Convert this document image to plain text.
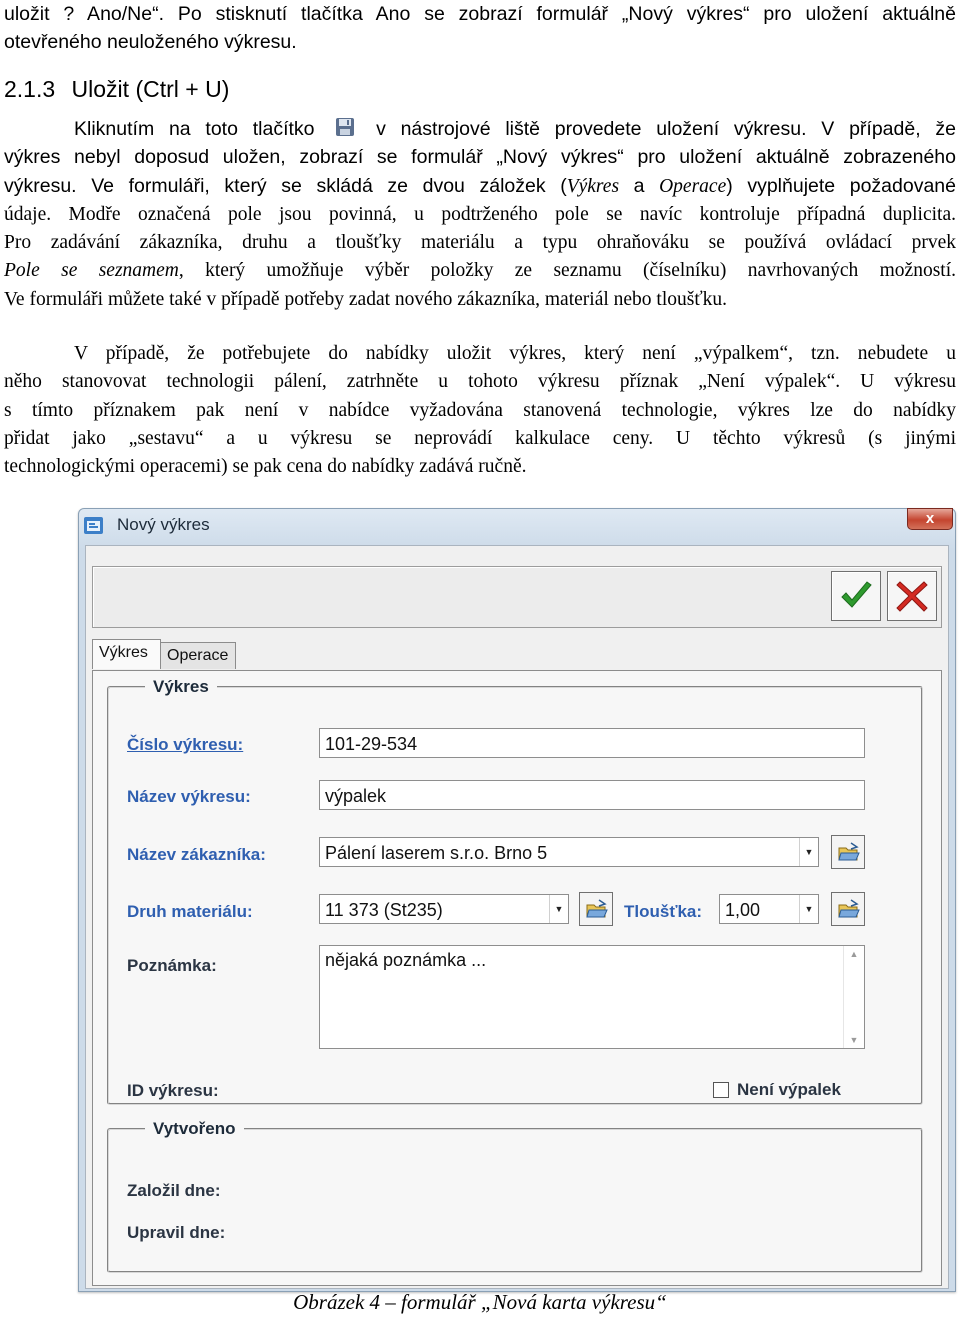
uložit ? Ano/Ne“. Po stisknutí tlačítka Ano se zobrazí formulář „Nový výkres“ pro uložení aktuálně
otevřeného neuloženého výkresu.
2.1.3 Uložit (Ctrl + U)
Kliknutím na toto tlačítko	v nástrojové liště provedete uložení výkresu. V případě, že
výkres nebyl doposud uložen, zobrazí se formulář „Nový výkres“ pro uložení aktuálně zobrazeného
výkresu. Ve formuláři, který se skládá ze dvou záložek (Výkres a Operace) vyplňujete požadované
údaje. Modře označená pole jsou povinná, u podtrženého pole se navíc kontroluje případná duplicita.
Pro zadávání zákazníka, druhu a tloušťky materiálu a typu ohraňováku se používá ovládací prvek
Pole se seznamem, který umožňuje výběr položky ze seznamu (číselníku) navrhovaných možností.
Ve formuláři můžete také v případě potřeby zadat nového zákazníka, materiál nebo tloušťku.
V případě, že potřebujete do nabídky uložit výkres, který není „výpalkem“, tzn. nebudete u
něho stanovovat technologii pálení, zatrhněte u tohoto výkresu příznak „Není výpalek“. U výkresu
s tímto příznakem pak není v nabídce vyžadována stanovená technologie, výkres lze do nabídky
přidat jako „sestavu“ a u výkresu se neprovádí kalkulace ceny. U těchto výkresů (s jinými
technologickými operacemi) se pak cena do nabídky zadává ručně.
Nový výkres	x
Výkres	Operace
Výkres
Číslo výkresu:	101-29-534
Název výkresu:	výpalek
Název zákazníka:	Pálení laserem s.r.o. Brno 5	▼
Druh materiálu:	11 373 (St235)	▼	Tloušťka:	1,00	▼
Poznámka:	nějaká poznámka ...	▲
▼
ID výkresu:	Není výpalek
Vytvořeno
Založil dne:
Upravil dne:
Obrázek 4 – formulář „Nová karta výkresu“
